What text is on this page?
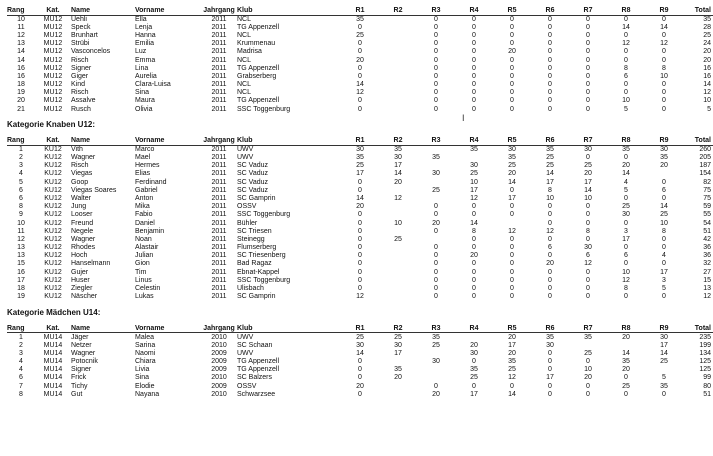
Rang	Kat.	Name	Vorname	Jahrgang	Klub	R1	R2	R3	R4	R5	R6	R7	R8	R9	Total
10	MU12	Uehli	Ella	2011	NCL	35		0	0	0	0	0	0	0	35
11	MU12	Speck	Lenja	2011	TG Appenzell	0		0	0	0	0	0	14	14	28
12	MU12	Brunhart	Hanna	2011	NCL	25		0	0	0	0	0	0	0	25
13	MU12	Strübi	Emilia	2011	Krummenau	0		0	0	0	0	0	12	12	24
14	MU12	Vasconcelos	Luz	2011	Madrisa	0		0	0	20	0	0	0	0	20
14	MU12	Risch	Emma	2011	NCL	20		0	0	0	0	0	0	0	20
16	MU12	Signer	Lina	2011	TG Appenzell	0		0	0	0	0	0	8	8	16
16	MU12	Giger	Aurelia	2011	Grabserberg	0		0	0	0	0	0	6	10	16
18	MU12	Kind	Clara-Luisa	2011	NCL	14		0	0	0	0	0	0	0	14
19	MU12	Risch	Sina	2011	NCL	12		0	0	0	0	0	0	0	12
20	MU12	Assalve	Maura	2011	TG Appenzell	0		0	0	0	0	0	10	0	10
21	MU12	Rusch	Olivia	2011	SSC Toggenburg	0		0	0	0	0	0	5	0	5
Kategorie Knaben U12:
Rang	Kat.	Name	Vorname	Jahrgang	Klub	R1	R2	R3	R4	R5	R6	R7	R8	R9	Total
1	KU12	Vith	Marco	2011	UWV	30	35		35	30	35	30	35	30	260
2	KU12	Wagner	Mael	2011	UWV	35	30	35		35	25	0	0	35	205
3	KU12	Risch	Hermes	2011	SC Vaduz	25	17		30	25	25	25	20	20	187
4	KU12	Viegas	Elias	2011	SC Vaduz	17	14	30	25	20	14	20	14		154
5	KU12	Goop	Ferdinand	2011	SC Vaduz	0	20		10	14	17	17	4	0	82
6	KU12	Viegas Soares	Gabriel	2011	SC Vaduz	0		25	17	0	8	14	5	6	75
6	KU12	Walter	Anton	2011	SC Gamprin	14	12		12	17	10	10	0	0	75
8	KU12	Jung	Mika	2011	OSSV	20		0	0	0	0	0	25	14	59
9	KU12	Looser	Fabio	2011	SSC Toggenburg	0		0	0	0	0	0	30	25	55
10	KU12	Freund	Daniel	2011	Bühler	0	10	20	14		0	0	0	10	54
11	KU12	Negele	Benjamin	2011	SC Triesen	0		0	8	12	12	8	3	8	51
12	KU12	Wagner	Noan	2011	Steinegg	0	25		0	0	0	0	17	0	42
13	KU12	Rhodes	Alastair	2011	Flumserberg	0		0	0	0	6	30	0	0	36
13	KU12	Hoch	Julian	2011	SC Triesenberg	0		0	20	0	0	6	6	4	36
15	KU12	Hanselmann	Gion	2011	Bad Ragaz	0		0	0	0	20	12	0	0	32
16	KU12	Gujer	Tim	2011	Ebnat-Kappel	0		0	0	0	0	0	10	17	27
17	KU12	Huser	Linus	2011	SSC Toggenburg	0		0	0	0	0	0	12	3	15
18	KU12	Ziegler	Celestin	2011	Ulisbach	0		0	0	0	0	0	8	5	13
19	KU12	Näscher	Lukas	2011	SC Gamprin	12		0	0	0	0	0	0	0	12
Kategorie Mädchen U14:
Rang	Kat.	Name	Vorname	Jahrgang	Klub	R1	R2	R3	R4	R5	R6	R7	R8	R9	Total
1	MU14	Jäger	Malea	2010	UWV	25	25	35		20	35	35	20	30	235
2	MU14	Netzer	Sarina	2010	SC Schaan	30	30	25	20	17	30			17	199
3	MU14	Wagner	Naomi	2009	UWV	14	17		30	20	0	25	14	14	134
4	MU14	Potocnik	Chiara	2009	TG Appenzell	0		30	0	35	0	0	35	25	125
4	MU14	Signer	Livia	2009	TG Appenzell	0	35		35	25	0	10	20		125
6	MU14	Frick	Sina	2010	SC Balzers	0	20		25	12	17	20	0	5	99
7	MU14	Tichy	Elodie	2009	OSSV	20		0	0	0	0	0	25	35	80
8	MU14	Gut	Nayana	2010	Schwarzsee	0		20	17	14	0	0	0	0	51
I
